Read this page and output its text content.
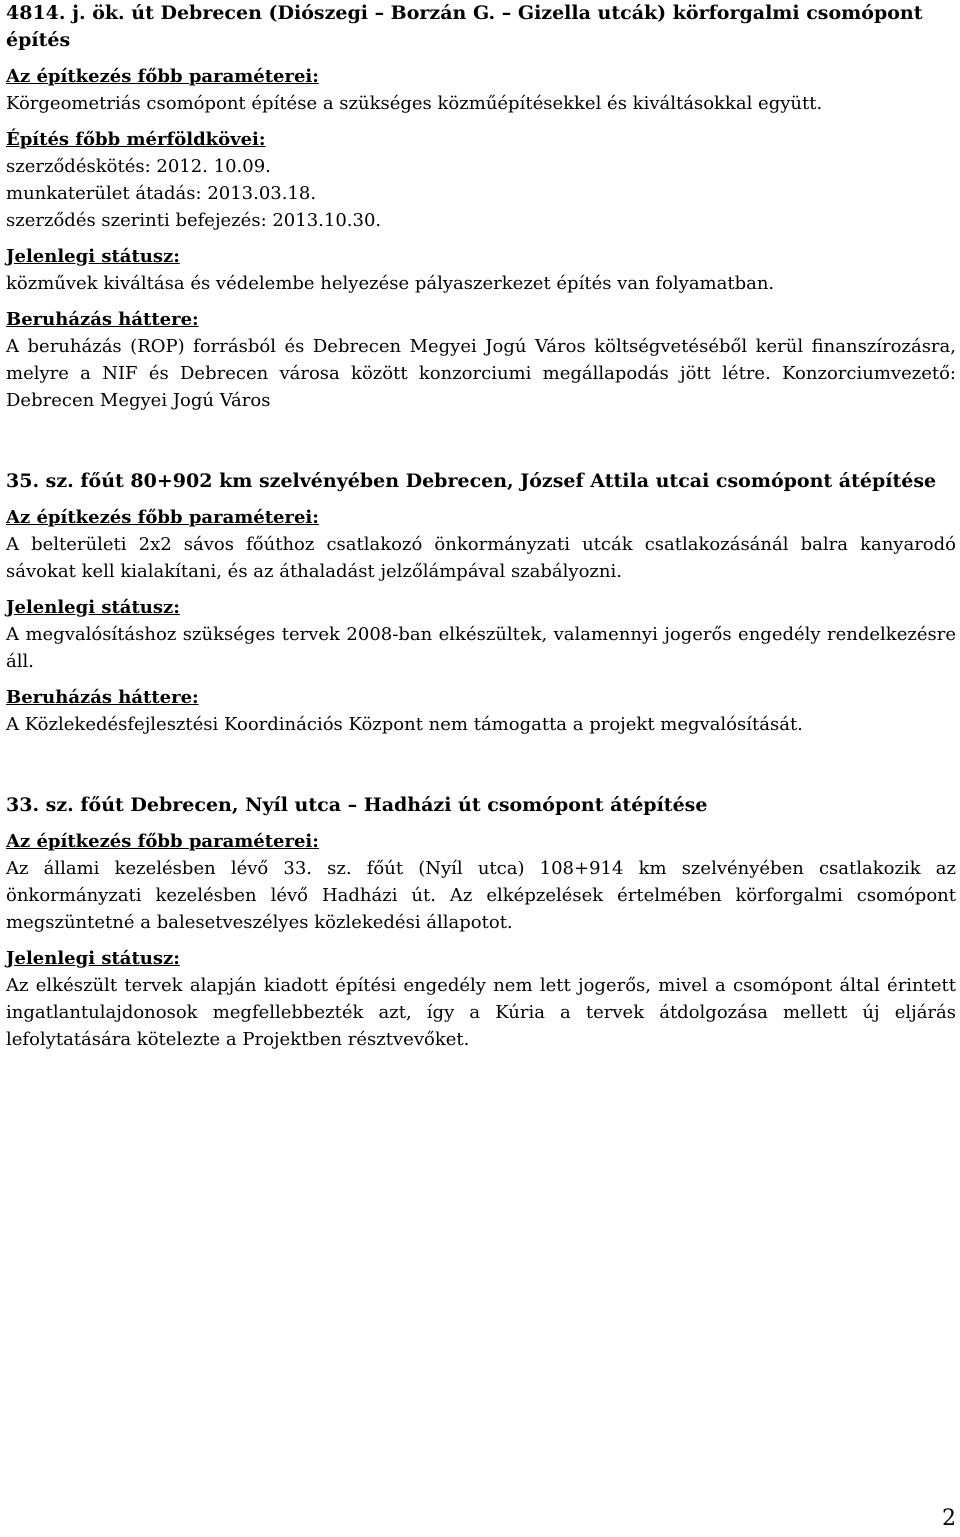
4814. j. ök. út Debrecen (Diószegi – Borzán G. – Gizella utcák) körforgalmi csomópont építés

Az építkezés főbb paraméterei:

Körgeometriás csomópont építése a szükséges közműépítésekkel és kiváltásokkal együtt.

Építés főbb mérföldkövei:

szerződéskötés: 2012. 10.09.
munkaterület átadás: 2013.03.18.
szerződés szerinti befejezés: 2013.10.30.

Jelenlegi státusz:

közművek kiváltása és védelembe helyezése pályaszerkezet építés van folyamatban.

Beruházás háttere:

A beruházás (ROP) forrásból és Debrecen Megyei Jogú Város költségvetéséből kerül finanszírozásra, melyre a NIF és Debrecen városa között konzorciumi megállapodás jött létre. Konzorciumvezető: Debrecen Megyei Jogú Város

35. sz. főút 80+902 km szelvényében Debrecen, József Attila utcai csomópont átépítése

Az építkezés főbb paraméterei:

A belterületi 2x2 sávos főúthoz csatlakozó önkormányzati utcák csatlakozásánál balra kanyarodó sávokat kell kialakítani, és az áthaladást jelzőlámpával szabályozni.

Jelenlegi státusz:

A megvalósításhoz szükséges tervek 2008-ban elkészültek, valamennyi jogerős engedély rendelkezésre áll.

Beruházás háttere:

A Közlekedésfejlesztési Koordinációs Központ nem támogatta a projekt megvalósítását.

33. sz. főút Debrecen, Nyíl utca – Hadházi út csomópont átépítése

Az építkezés főbb paraméterei:

Az állami kezelésben lévő 33. sz. főút (Nyíl utca) 108+914 km szelvényében csatlakozik az önkormányzati kezelésben lévő Hadházi út. Az elképzelések értelmében körforgalmi csomópont megszüntetné a balesetveszélyes közlekedési állapotot.

Jelenlegi státusz:

Az elkészült tervek alapján kiadott építési engedély nem lett jogerős, mivel a csomópont által érintett ingatlantulajdonosok megfellebbezték azt, így a Kúria a tervek átdolgozása mellett új eljárás lefolytatására kötelezte a Projektben résztvevőket.

2
